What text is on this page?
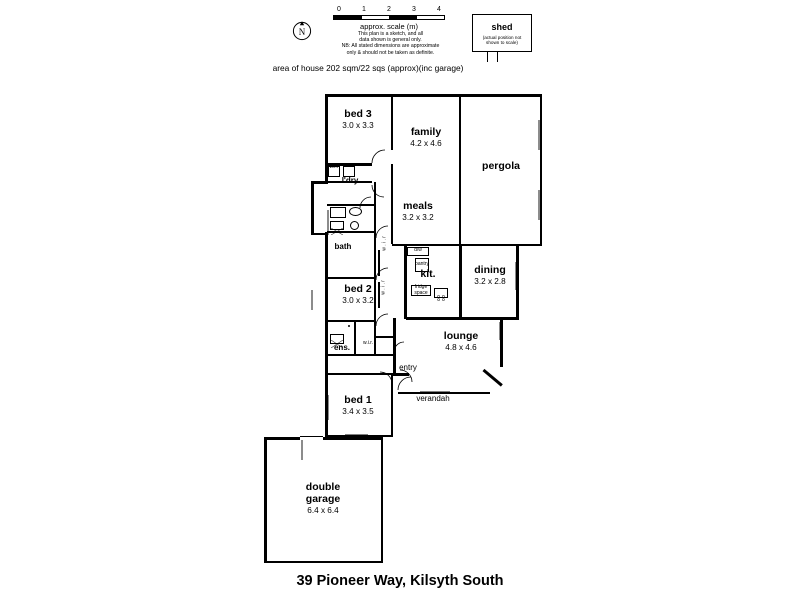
N
0	1	2	3	4
approx. scale (m)
This plan is a sketch, and all
data shown is general only.
NB: All stated dimensions are approximate
only & should not be taken as definite.
area of house 202 sqm/22 sqs (approx)(inc garage)
shed
(actual position not
shown to scale)
w.i.r
l'dry
bath	w . i . r
w . i . r
d/w
fridge space
pantry
ens.	w.i.r.
bed 3
3.0 x 3.3
family
4.2 x 4.6
pergola
meals
3.2 x 3.2
dining
3.2 x 2.8
kit.
bed 2
3.0 x 3.2
lounge
4.8 x 4.6
entry
verandah
bed 1
3.4 x 3.5
double
garage
6.4 x 6.4
39 Pioneer Way, Kilsyth South
